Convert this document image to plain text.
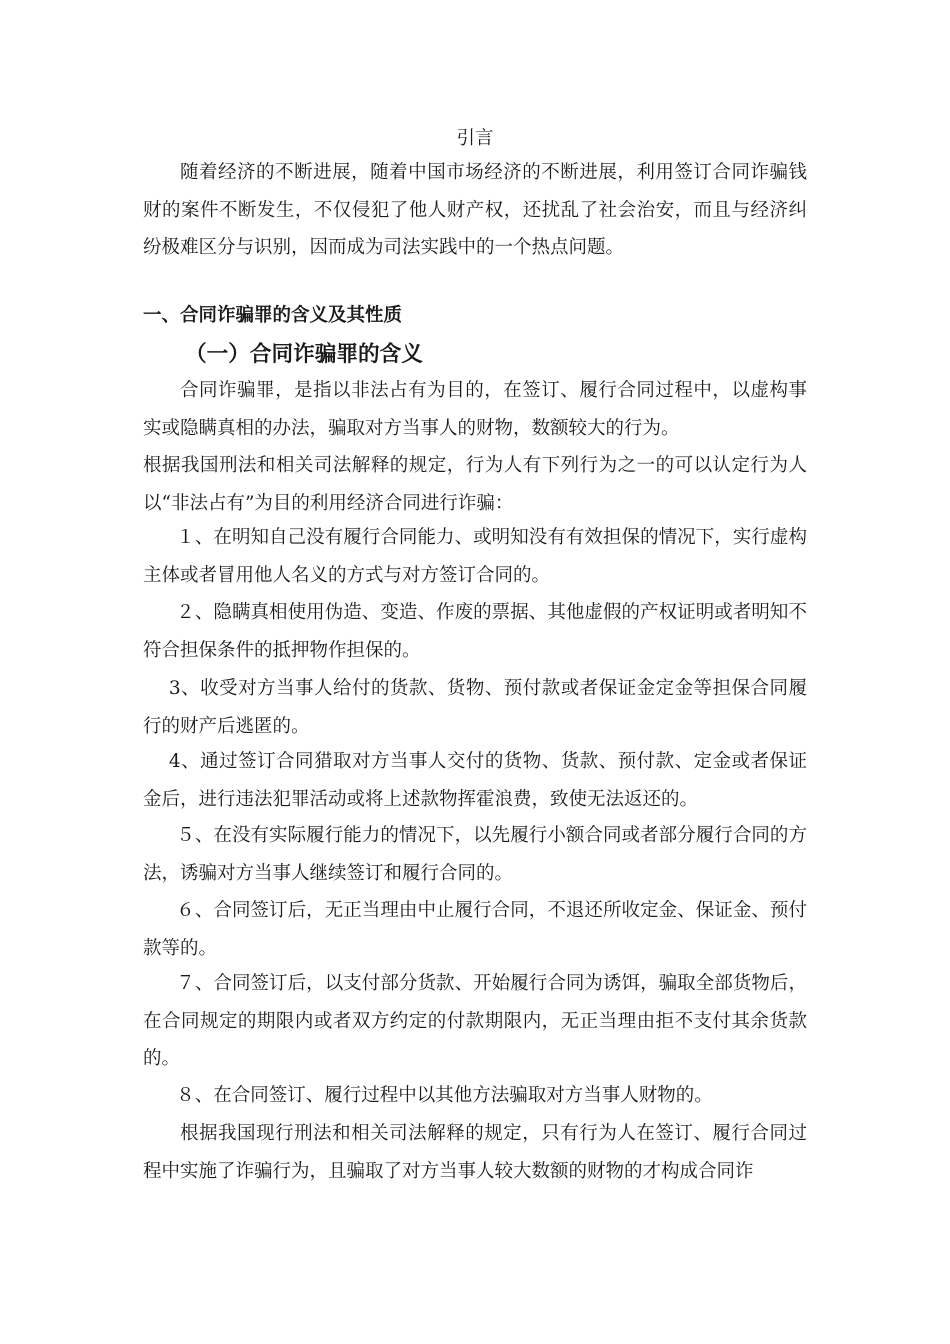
引言

随着经济的不断进展，随着中国市场经济的不断进展，利用签订合同诈骗钱财的案件不断发生，不仅侵犯了他人财产权，还扰乱了社会治安，而且与经济纠纷极难区分与识别，因而成为司法实践中的一个热点问题。

一、合同诈骗罪的含义及其性质
（一）合同诈骗罪的含义

合同诈骗罪，是指以非法占有为目的，在签订、履行合同过程中，以虚构事实或隐瞒真相的办法，骗取对方当事人的财物，数额较大的行为。

根据我国刑法和相关司法解释的规定，行为人有下列行为之一的可以认定行为人以“非法占有”为目的利用经济合同进行诈骗：

１、在明知自己没有履行合同能力、或明知没有有效担保的情况下，实行虚构主体或者冒用他人名义的方式与对方签订合同的。

２、隐瞒真相使用伪造、变造、作废的票据、其他虚假的产权证明或者明知不符合担保条件的抵押物作担保的。

3、收受对方当事人给付的货款、货物、预付款或者保证金定金等担保合同履行的财产后逃匿的。

4、通过签订合同猎取对方当事人交付的货物、货款、预付款、定金或者保证金后，进行违法犯罪活动或将上述款物挥霍浪费，致使无法返还的。

５、在没有实际履行能力的情况下，以先履行小额合同或者部分履行合同的方法，诱骗对方当事人继续签订和履行合同的。

６、合同签订后，无正当理由中止履行合同，不退还所收定金、保证金、预付款等的。

７、合同签订后，以支付部分货款、开始履行合同为诱饵，骗取全部货物后，在合同规定的期限内或者双方约定的付款期限内，无正当理由拒不支付其余货款的。

８、在合同签订、履行过程中以其他方法骗取对方当事人财物的。

根据我国现行刑法和相关司法解释的规定，只有行为人在签订、履行合同过程中实施了诈骗行为，且骗取了对方当事人较大数额的财物的才构成合同诈
